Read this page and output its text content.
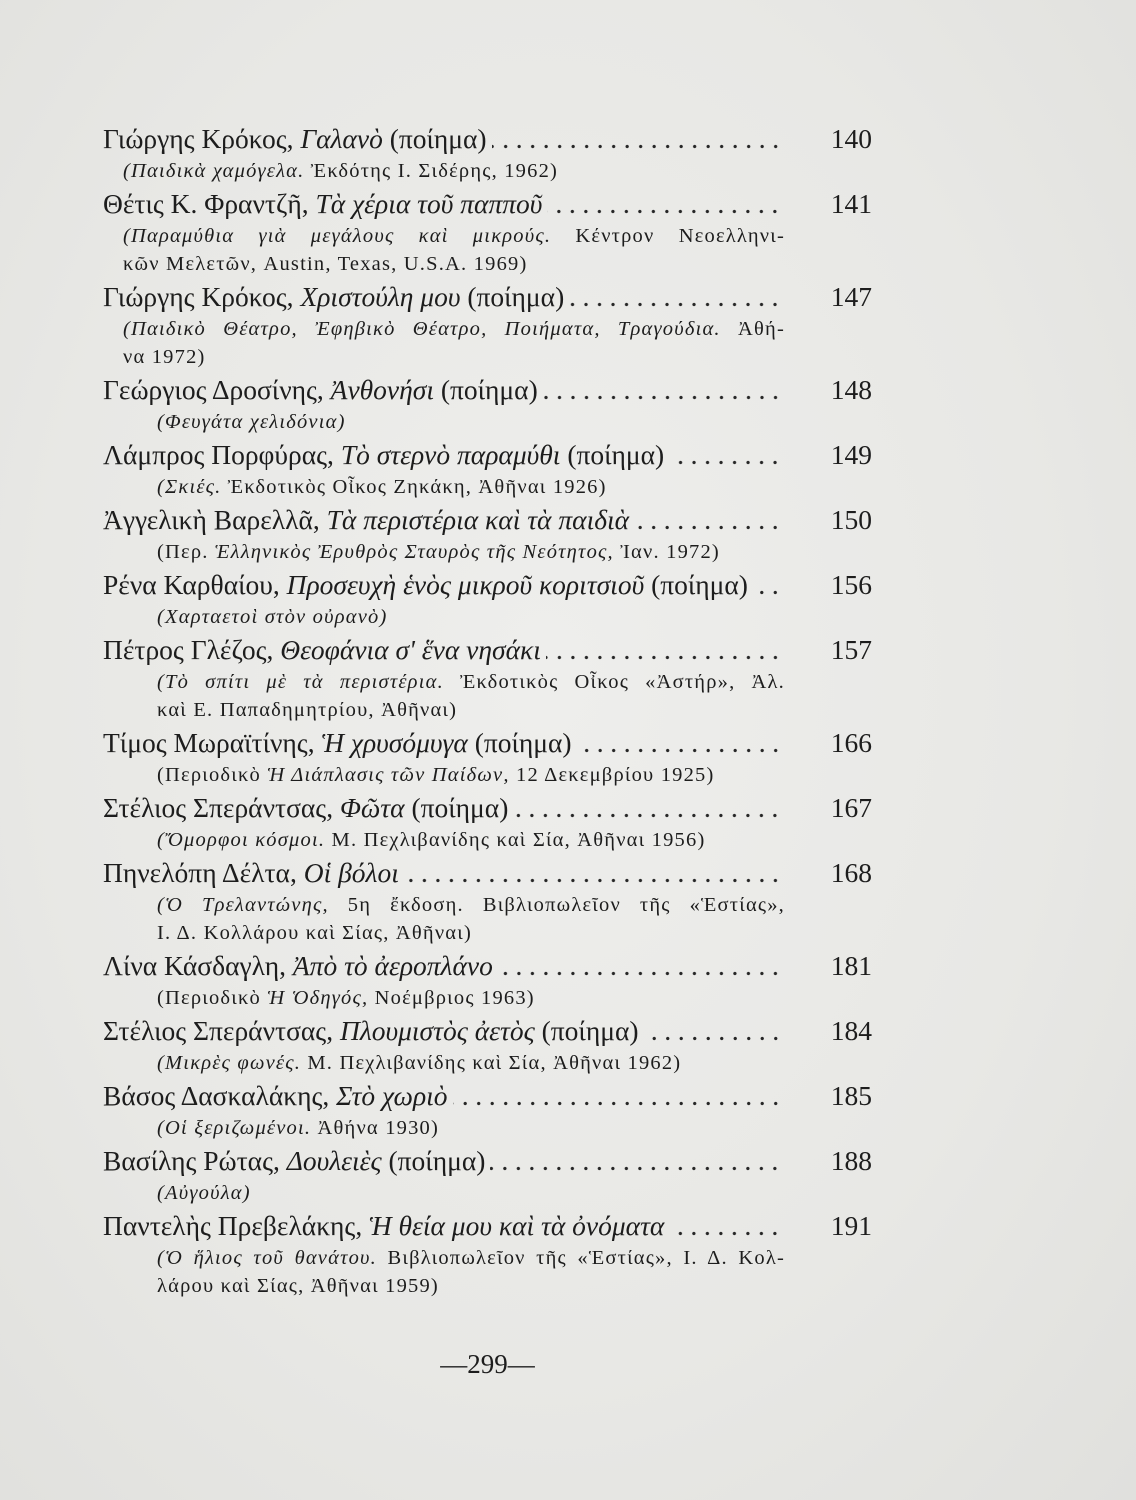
Γιώργης Κρόκος, Γαλανὸ (ποίημα)	140
(Παιδικὰ χαμόγελα. Ἐκδότης Ι. Σιδέρης, 1962)
Θέτις Κ. Φραντζῆ, Τὰ χέρια τοῦ παπποῦ	141
(Παραμύθια γιὰ μεγάλους καὶ μικρούς. Κέντρον Νεοελληνι-
κῶν Μελετῶν, Austin, Texas, U.S.A. 1969)
Γιώργης Κρόκος, Χριστούλη μου (ποίημα)	147
(Παιδικὸ Θέατρο, Ἐφηβικὸ Θέατρο, Ποιήματα, Τραγούδια. Ἀθή-
να 1972)
Γεώργιος Δροσίνης, Ἀνθονήσι (ποίημα)	148
(Φευγάτα χελιδόνια)
Λάμπρος Πορφύρας, Τὸ στερνὸ παραμύθι (ποίημα)	149
(Σκιές. Ἐκδοτικὸς Οἶκος Ζηκάκη, Ἀθῆναι 1926)
Ἀγγελικὴ Βαρελλᾶ, Τὰ περιστέρια καὶ τὰ παιδιὰ	150
(Περ. Ἑλληνικὸς Ἐρυθρὸς Σταυρὸς τῆς Νεότητος, Ἰαν. 1972)
Ρένα Καρθαίου, Προσευχὴ ἑνὸς μικροῦ κοριτσιοῦ (ποίημα)	156
(Χαρταετοὶ στὸν οὐρανὸ)
Πέτρος Γλέζος, Θεοφάνια σ' ἕνα νησάκι	157
(Τὸ σπίτι μὲ τὰ περιστέρια. Ἐκδοτικὸς Οἶκος «Ἀστήρ», Ἀλ.
καὶ Ε. Παπαδημητρίου, Ἀθῆναι)
Τίμος Μωραϊτίνης, Ἡ χρυσόμυγα (ποίημα)	166
(Περιοδικὸ Ἡ Διάπλασις τῶν Παίδων, 12 Δεκεμβρίου 1925)
Στέλιος Σπεράντσας, Φῶτα (ποίημα)	167
(Ὄμορφοι κόσμοι. Μ. Πεχλιβανίδης καὶ Σία, Ἀθῆναι 1956)
Πηνελόπη Δέλτα, Οἱ βόλοι	168
(Ὁ Τρελαντώνης, 5η ἔκδοση. Βιβλιοπωλεῖον τῆς «Ἑστίας»,
Ι. Δ. Κολλάρου καὶ Σίας, Ἀθῆναι)
Λίνα Κάσδαγλη, Ἀπὸ τὸ ἀεροπλάνο	181
(Περιοδικὸ Ἡ Ὁδηγός, Νοέμβριος 1963)
Στέλιος Σπεράντσας, Πλουμιστὸς ἀετὸς (ποίημα)	184
(Μικρὲς φωνές. Μ. Πεχλιβανίδης καὶ Σία, Ἀθῆναι 1962)
Βάσος Δασκαλάκης, Στὸ χωριὸ	185
(Οἱ ξεριζωμένοι. Ἀθήνα 1930)
Βασίλης Ρώτας, Δουλειὲς (ποίημα)	188
(Αὐγούλα)
Παντελὴς Πρεβελάκης, Ἡ θεία μου καὶ τὰ ὀνόματα	191
(Ὁ ἥλιος τοῦ θανάτου. Βιβλιοπωλεῖον τῆς «Ἑστίας», Ι. Δ. Κολ-
λάρου καὶ Σίας, Ἀθῆναι 1959)
—299—
